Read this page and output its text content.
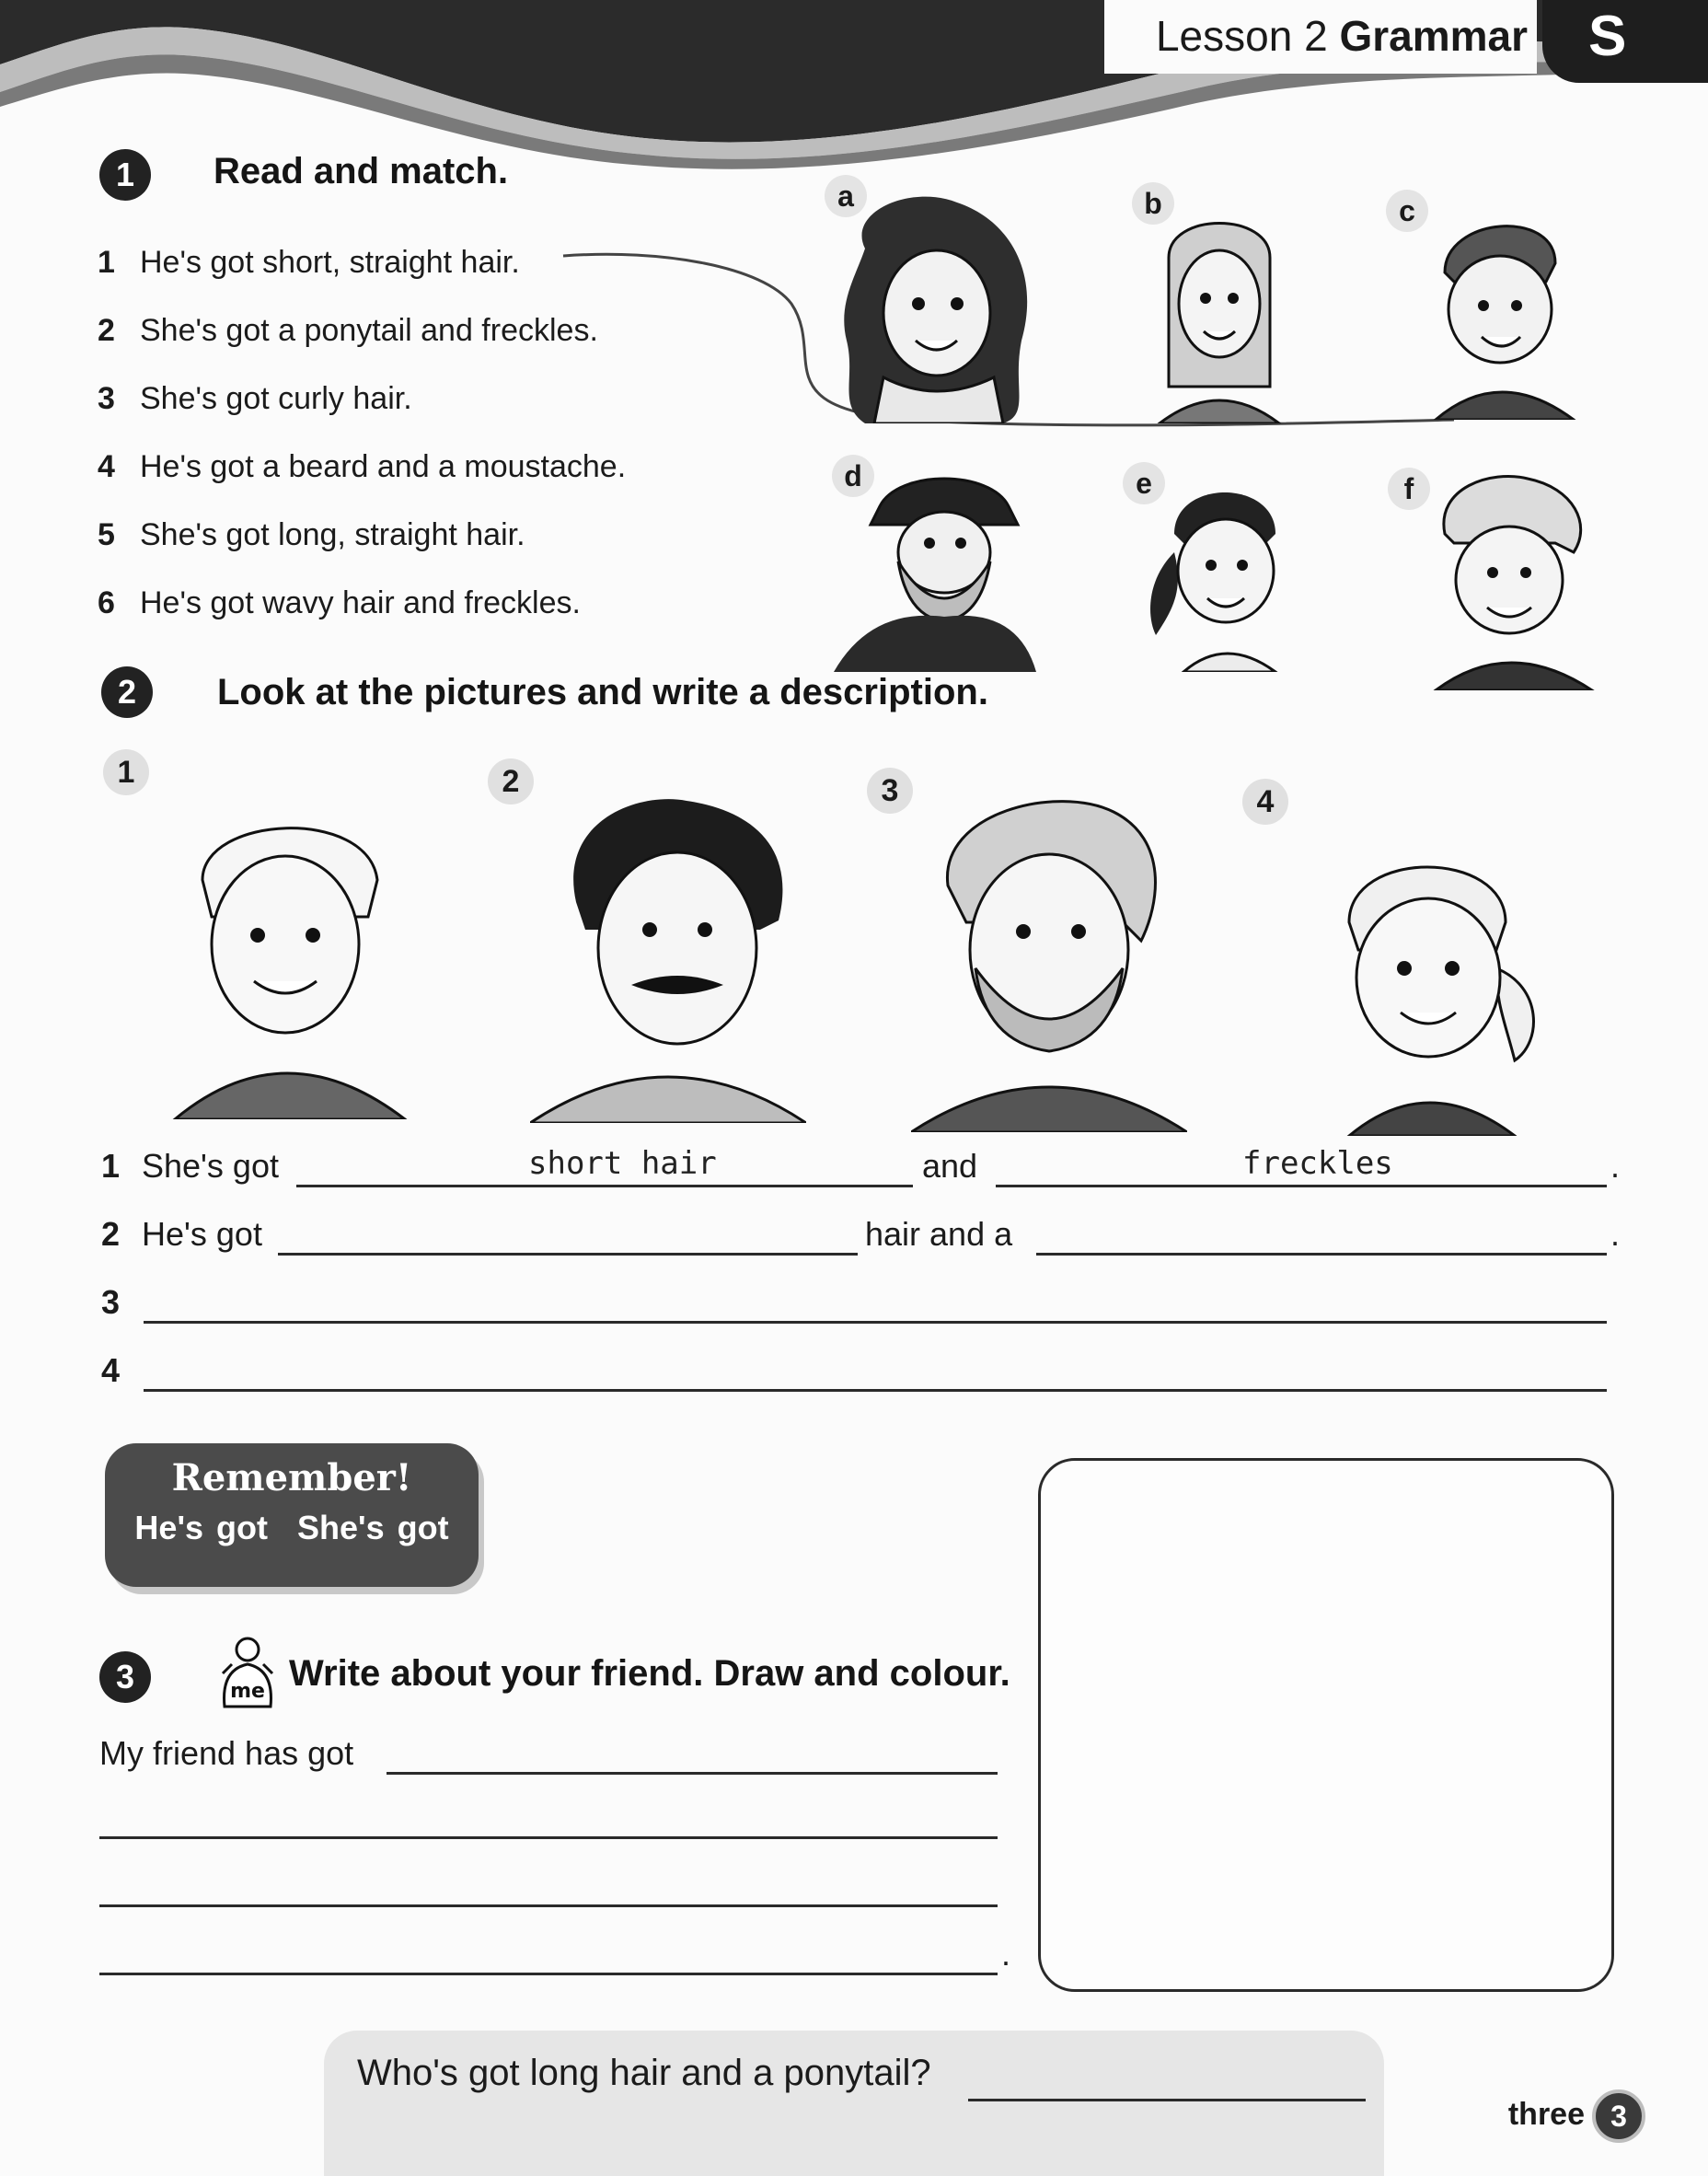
Lesson 2 Grammar	S
1	Read and match.
1 He's got short, straight hair.
2 She's got a ponytail and freckles.
3 She's got curly hair.
4 He's got a beard and a moustache.
5 She's got long, straight hair.
6 He's got wavy hair and freckles.
a	b	c
d	e	f
2	Look at the pictures and write a description.
1	2	3	4
1 She's got	short hair	and	freckles	.
2 He's got	hair and a	.
3
4
Remember!
He's got She's got
3	me Write about your friend. Draw and colour.
My friend has got
.
Who's got long hair and a ponytail?
three 3
